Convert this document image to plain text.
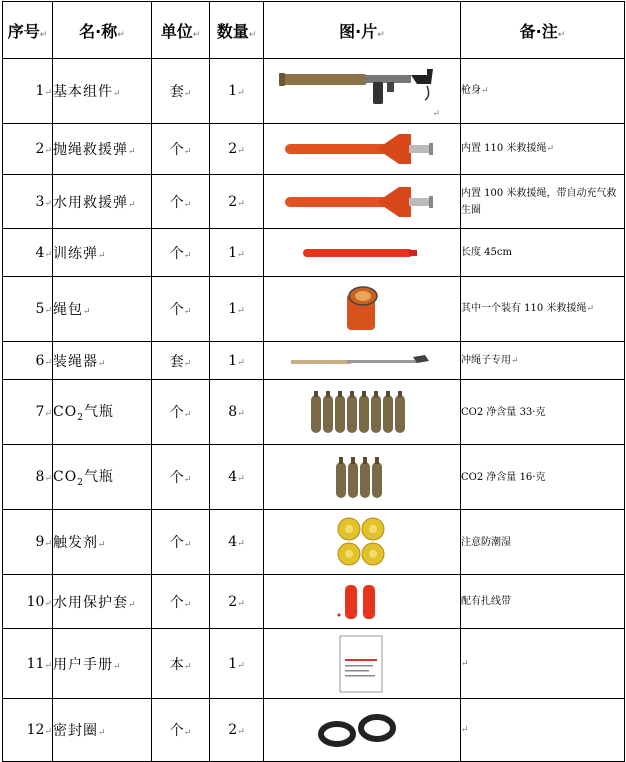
序号↵	名·称↵	单位↵	数量↵	图·片↵	备·注↵
1↵	基本组件↵	套↵	1↵	↵	枪身↵
2↵	抛绳救援弹↵	个↵	2↵		内置 110 米救援绳↵
3↵	水用救援弹↵	个↵	2↵		内置 100 米救援绳，带自动充气救生圈
4↵	训练弹↵	个↵	1↵		长度 45cm
5↵	绳包↵	个↵	1↵		其中一个装有 110 米救援绳↵
6↵	装绳器↵	套↵	1↵		冲绳子专用↵
7↵	$CO_2$气瓶	个↵	8↵		CO2 净含量 33·克
8↵	$CO_2$气瓶	个↵	4↵		CO2 净含量 16·克
9↵	触发剂↵	个↵	4↵		注意防潮湿
10↵	水用保护套↵	个↵	2↵		配有扎线带
11↵	用户手册↵	本↵	1↵		↵
12↵	密封圈↵	个↵	2↵		↵
